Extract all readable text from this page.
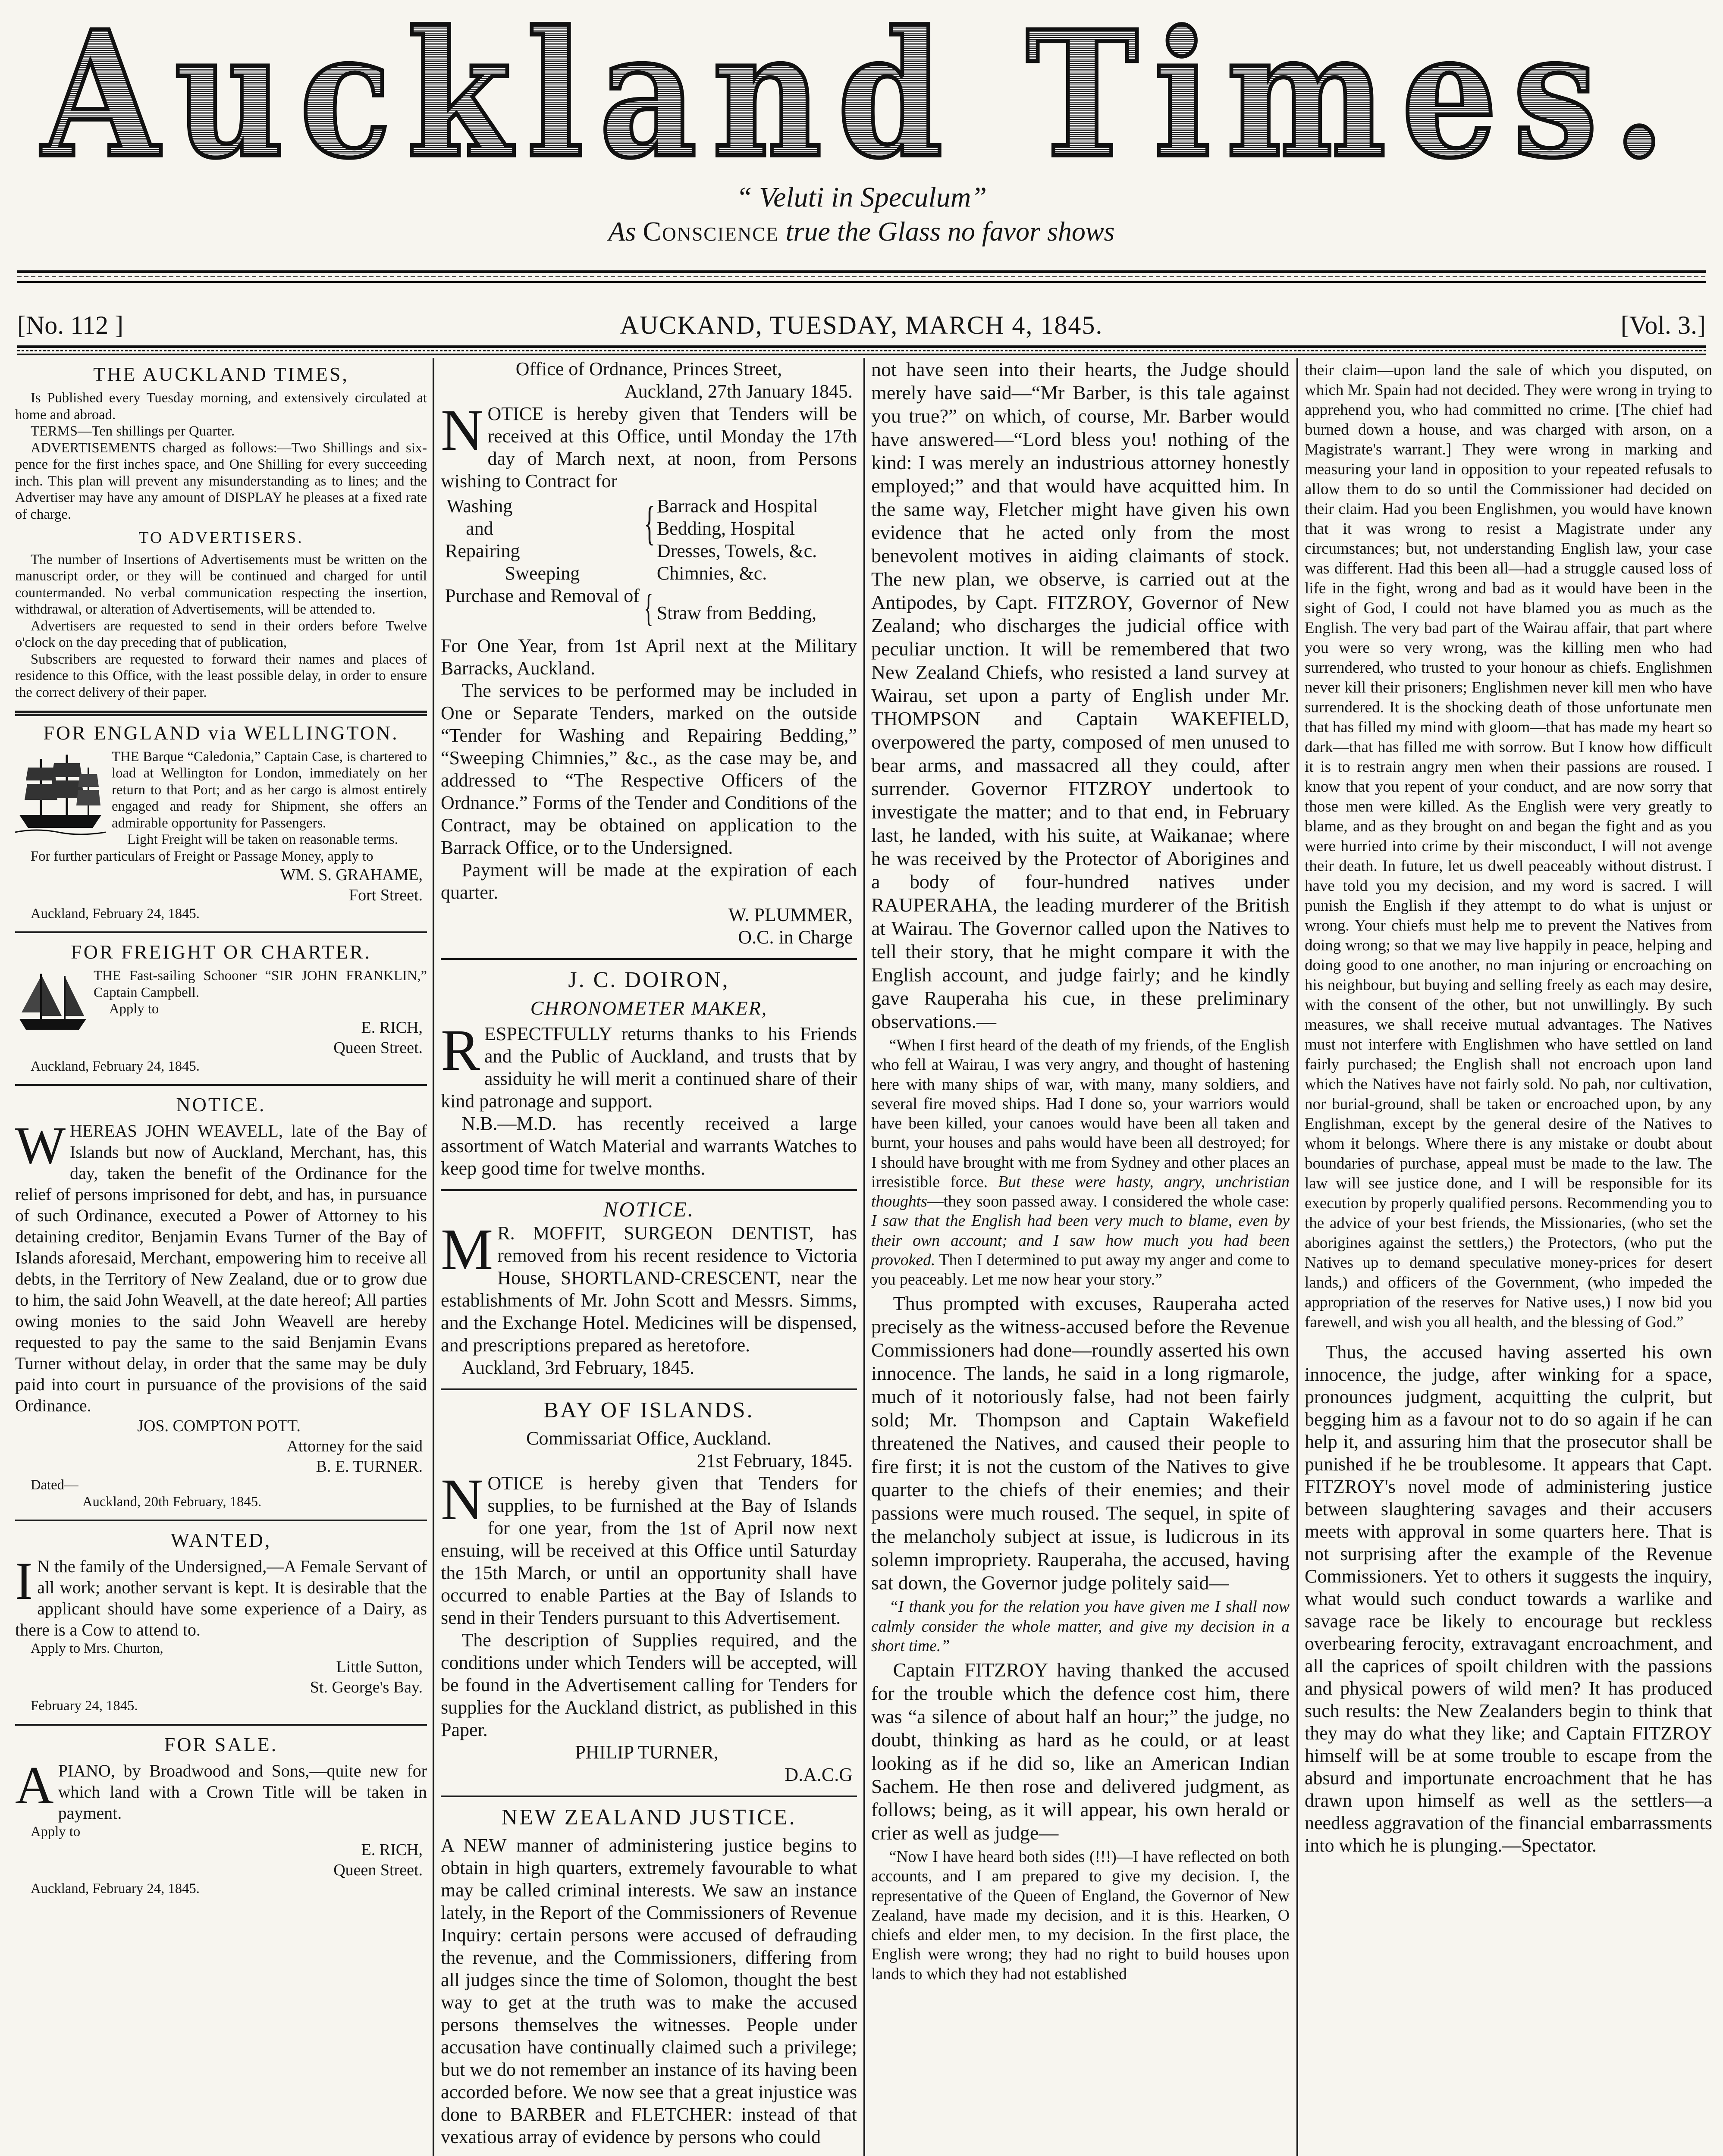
Auckland Times.
“ Veluti in Speculum”
As Conscience true the Glass no favor shows
[No. 112 ]	AUCKAND, TUESDAY, MARCH 4, 1845.	[Vol. 3.]
THE AUCKLAND TIMES,

Is Published every Tuesday morning, and extensively circulated at home and abroad.

TERMS—Ten shillings per Quarter.

ADVERTISEMENTS charged as follows:—Two Shillings and six-pence for the first inches space, and One Shilling for every succeeding inch. This plan will prevent any misunderstanding as to lines; and the Advertiser may have any amount of DISPLAY he pleases at a fixed rate of charge.

TO ADVERTISERS.

The number of Insertions of Advertisements must be written on the manuscript order, or they will be continued and charged for until countermanded. No verbal communication respecting the insertion, withdrawal, or alteration of Advertisements, will be attended to.

Advertisers are requested to send in their orders before Twelve o'clock on the day preceding that of publication,

Subscribers are requested to forward their names and places of residence to this Office, with the least possible delay, in order to ensure the correct delivery of their paper.

FOR ENGLAND via WELLINGTON.

THE Barque “Caledonia,” Captain Case, is chartered to load at Wellington for London, immediately on her return to that Port; and as her cargo is almost entirely engaged and ready for Shipment, she offers an admirable opportunity for Passengers.

Light Freight will be taken on reasonable terms.

For further particulars of Freight or Passage Money, apply to

WM. S. GRAHAME,
Fort Street.

Auckland, February 24, 1845.

FOR FREIGHT OR CHARTER.

THE Fast-sailing Schooner “SIR JOHN FRANKLIN,” Captain Campbell.

Apply to

E. RICH,
Queen Street.

Auckland, February 24, 1845.

NOTICE.

WHEREAS JOHN WEAVELL, late of the Bay of Islands but now of Auckland, Merchant, has, this day, taken the benefit of the Ordinance for the relief of persons imprisoned for debt, and has, in pursuance of such Ordinance, executed a Power of Attorney to his detaining creditor, Benjamin Evans Turner of the Bay of Islands aforesaid, Merchant, empowering him to receive all debts, in the Territory of New Zealand, due or to grow due to him, the said John Weavell, at the date hereof; All parties owing monies to the said John Weavell are hereby requested to pay the same to the said Benjamin Evans Turner without delay, in order that the same may be duly paid into court in pursuance of the provisions of the said Ordinance.

JOS. COMPTON POTT.
Attorney for the said
B. E. TURNER.

Dated—

Auckland, 20th February, 1845.

WANTED,

IN the family of the Undersigned,—A Female Servant of all work; another servant is kept. It is desirable that the applicant should have some experience of a Dairy, as there is a Cow to attend to.

Apply to Mrs. Churton,

Little Sutton,
St. George's Bay.

February 24, 1845.

FOR SALE.

APIANO, by Broadwood and Sons,—quite new for which land with a Crown Title will be taken in payment.

Apply to

E. RICH,
Queen Street.

Auckland, February 24, 1845.

Office of Ordnance, Princes Street,
Auckland, 27th January 1845.

NOTICE is hereby given that Tenders will be received at this Office, until Monday the 17th day of March next, at noon, from Persons wishing to Contract for

Washing and Repairing
{ Barrack and Hospital Bedding, Hospital Dresses, Towels, &c.
Sweeping	Chimnies, &c.
Purchase and Removal of { Straw from Bedding,

For One Year, from 1st April next at the Military Barracks, Auckland.

The services to be performed may be included in One or Separate Tenders, marked on the outside “Tender for Washing and Repairing Bedding,” “Sweeping Chimnies,” &c., as the case may be, and addressed to “The Respective Officers of the Ordnance.” Forms of the Tender and Conditions of the Contract, may be obtained on application to the Barrack Office, or to the Undersigned.

Payment will be made at the expiration of each quarter.

W. PLUMMER,
O.C. in Charge
J. C. DOIRON,
CHRONOMETER MAKER,

RESPECTFULLY returns thanks to his Friends and the Public of Auckland, and trusts that by assiduity he will merit a continued share of their kind patronage and support.

N.B.—M.D. has recently received a large assortment of Watch Material and warrants Watches to keep good time for twelve months.

NOTICE.

MR. MOFFIT, SURGEON DENTIST, has removed from his recent residence to Victoria House, SHORTLAND-CRESCENT, near the establishments of Mr. John Scott and Messrs. Simms, and the Exchange Hotel. Medicines will be dispensed, and prescriptions prepared as heretofore.

Auckland, 3rd February, 1845.

BAY OF ISLANDS.
Commissariat Office, Auckland.
21st February, 1845.

NOTICE is hereby given that Tenders for supplies, to be furnished at the Bay of Islands for one year, from the 1st of April now next ensuing, will be received at this Office until Saturday the 15th March, or until an opportunity shall have occurred to enable Parties at the Bay of Islands to send in their Tenders pursuant to this Advertisement.

The description of Supplies required, and the conditions under which Tenders will be accepted, will be found in the Advertisement calling for Tenders for supplies for the Auckland district, as published in this Paper.

PHILIP TURNER,
D.A.C.G
NEW ZEALAND JUSTICE.

A NEW manner of administering justice begins to obtain in high quarters, extremely favourable to what may be called criminal interests. We saw an instance lately, in the Report of the Commissioners of Revenue Inquiry: certain persons were accused of defrauding the revenue, and the Commissioners, differing from all judges since the time of Solomon, thought the best way to get at the truth was to make the accused persons themselves the witnesses. People under accusation have continually claimed such a privilege; but we do not remember an instance of its having been accorded before. We now see that a great injustice was done to BARBER and FLETCHER: instead of that vexatious array of evidence by persons who could

not have seen into their hearts, the Judge should merely have said—“Mr Barber, is this tale against you true?” on which, of course, Mr. Barber would have answered—“Lord bless you! nothing of the kind: I was merely an industrious attorney honestly employed;” and that would have acquitted him. In the same way, Fletcher might have given his own evidence that he acted only from the most benevolent motives in aiding claimants of stock. The new plan, we observe, is carried out at the Antipodes, by Capt. FITZROY, Governor of New Zealand; who discharges the judicial office with peculiar unction. It will be remembered that two New Zealand Chiefs, who resisted a land survey at Wairau, set upon a party of English under Mr. THOMPSON and Captain WAKEFIELD, overpowered the party, composed of men unused to bear arms, and massacred all they could, after surrender. Governor FITZROY undertook to investigate the matter; and to that end, in February last, he landed, with his suite, at Waikanae; where he was received by the Protector of Aborigines and a body of four-hundred natives under RAUPERAHA, the leading murderer of the British at Wairau. The Governor called upon the Natives to tell their story, that he might compare it with the English account, and judge fairly; and he kindly gave Rauperaha his cue, in these preliminary observations.—

“When I first heard of the death of my friends, of the English who fell at Wairau, I was very angry, and thought of hastening here with many ships of war, with many, many soldiers, and several fire moved ships. Had I done so, your warriors would have been killed, your canoes would have been all taken and burnt, your houses and pahs would have been all destroyed; for I should have brought with me from Sydney and other places an irresistible force. But these were hasty, angry, unchristian thoughts—they soon passed away. I considered the whole case: I saw that the English had been very much to blame, even by their own account; and I saw how much you had been provoked. Then I determined to put away my anger and come to you peaceably. Let me now hear your story.”

Thus prompted with excuses, Rauperaha acted precisely as the witness-accused before the Revenue Commissioners had done—roundly asserted his own innocence. The lands, he said in a long rigmarole, much of it notoriously false, had not been fairly sold; Mr. Thompson and Captain Wakefield threatened the Natives, and caused their people to fire first; it is not the custom of the Natives to give quarter to the chiefs of their enemies; and their passions were much roused. The sequel, in spite of the melancholy subject at issue, is ludicrous in its solemn impropriety. Rauperaha, the accused, having sat down, the Governor judge politely said—

“I thank you for the relation you have given me I shall now calmly consider the whole matter, and give my decision in a short time.”

Captain FITZROY having thanked the accused for the trouble which the defence cost him, there was “a silence of about half an hour;” the judge, no doubt, thinking as hard as he could, or at least looking as if he did so, like an American Indian Sachem. He then rose and delivered judgment, as follows; being, as it will appear, his own herald or crier as well as judge—

“Now I have heard both sides (!!!)—I have reflected on both accounts, and I am prepared to give my decision. I, the representative of the Queen of England, the Governor of New Zealand, have made my decision, and it is this. Hearken, O chiefs and elder men, to my decision. In the first place, the English were wrong; they had no right to build houses upon lands to which they had not established

their claim—upon land the sale of which you disputed, on which Mr. Spain had not decided. They were wrong in trying to apprehend you, who had committed no crime. [The chief had burned down a house, and was charged with arson, on a Magistrate's warrant.] They were wrong in marking and measuring your land in opposition to your repeated refusals to allow them to do so until the Commissioner had decided on their claim. Had you been Englishmen, you would have known that it was wrong to resist a Magistrate under any circumstances; but, not understanding English law, your case was different. Had this been all—had a struggle caused loss of life in the fight, wrong and bad as it would have been in the sight of God, I could not have blamed you as much as the English. The very bad part of the Wairau affair, that part where you were so very wrong, was the killing men who had surrendered, who trusted to your honour as chiefs. Englishmen never kill their prisoners; Englishmen never kill men who have surrendered. It is the shocking death of those unfortunate men that has filled my mind with gloom—that has made my heart so dark—that has filled me with sorrow. But I know how difficult it is to restrain angry men when their passions are roused. I know that you repent of your conduct, and are now sorry that those men were killed. As the English were very greatly to blame, and as they brought on and began the fight and as you were hurried into crime by their misconduct, I will not avenge their death. In future, let us dwell peaceably without distrust. I have told you my decision, and my word is sacred. I will punish the English if they attempt to do what is unjust or wrong. Your chiefs must help me to prevent the Natives from doing wrong; so that we may live happily in peace, helping and doing good to one another, no man injuring or encroaching on his neighbour, but buying and selling freely as each may desire, with the consent of the other, but not unwillingly. By such measures, we shall receive mutual advantages. The Natives must not interfere with Englishmen who have settled on land fairly purchased; the English shall not encroach upon land which the Natives have not fairly sold. No pah, nor cultivation, nor burial-ground, shall be taken or encroached upon, by any Englishman, except by the general desire of the Natives to whom it belongs. Where there is any mistake or doubt about boundaries of purchase, appeal must be made to the law. The law will see justice done, and I will be responsible for its execution by properly qualified persons. Recommending you to the advice of your best friends, the Missionaries, (who set the aborigines against the settlers,) the Protectors, (who put the Natives up to demand speculative money-prices for desert lands,) and officers of the Government, (who impeded the appropriation of the reserves for Native uses,) I now bid you farewell, and wish you all health, and the blessing of God.”

Thus, the accused having asserted his own innocence, the judge, after winking for a space, pronounces judgment, acquitting the culprit, but begging him as a favour not to do so again if he can help it, and assuring him that the prosecutor shall be punished if he be troublesome. It appears that Capt. FITZROY's novel mode of administering justice between slaughtering savages and their accusers meets with approval in some quarters here. That is not surprising after the example of the Revenue Commissioners. Yet to others it suggests the inquiry, what would such conduct towards a warlike and savage race be likely to encourage but reckless overbearing ferocity, extravagant encroachment, and all the caprices of spoilt children with the passions and physical powers of wild men? It has produced such results: the New Zealanders begin to think that they may do what they like; and Captain FITZROY himself will be at some trouble to escape from the absurd and importunate encroachment that he has drawn upon himself as well as the settlers—a needless aggravation of the financial embarrassments into which he is plunging.—Spectator.
